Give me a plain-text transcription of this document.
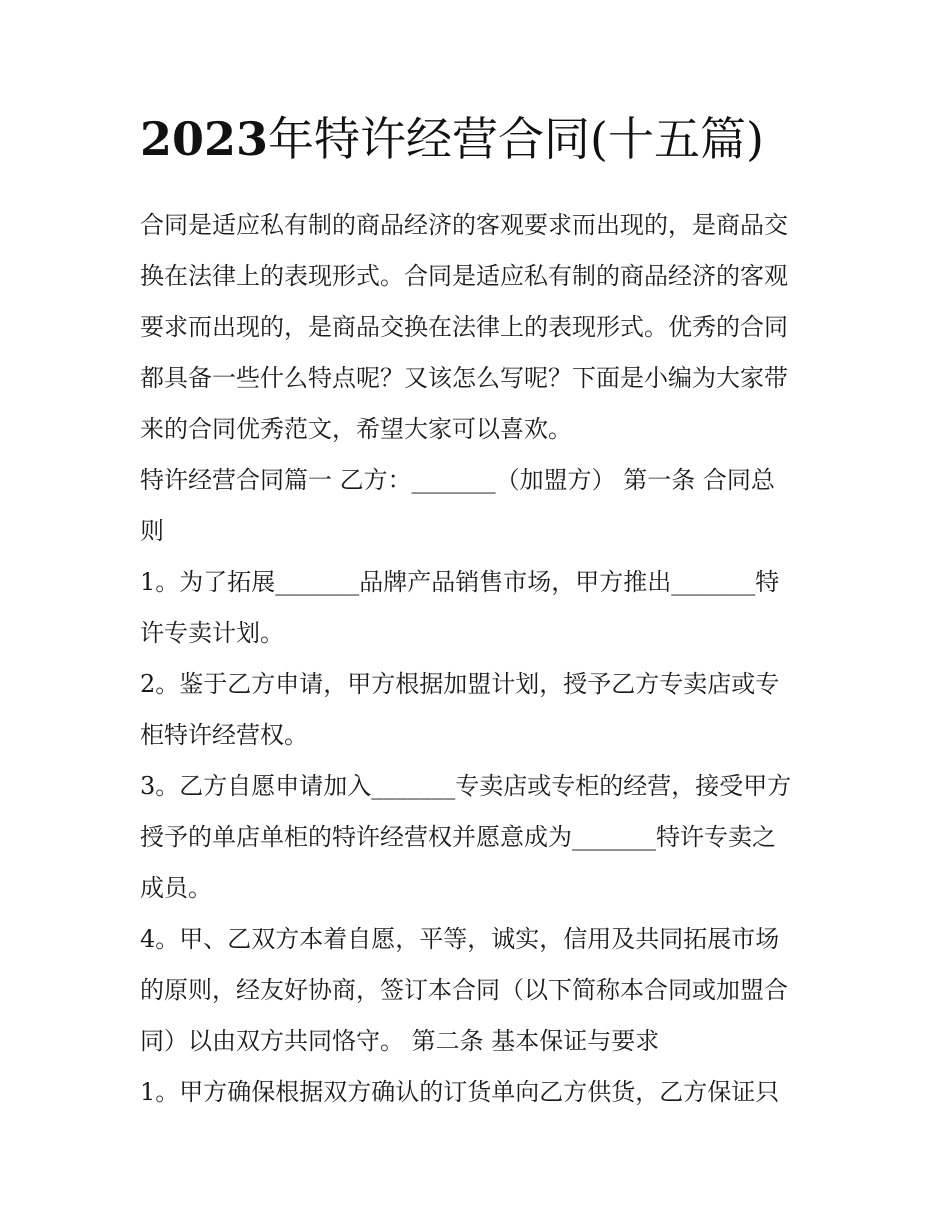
2023年特许经营合同(十五篇)
合同是适应私有制的商品经济的客观要求而出现的，是商品交
换在法律上的表现形式。合同是适应私有制的商品经济的客观
要求而出现的，是商品交换在法律上的表现形式。优秀的合同
都具备一些什么特点呢？又该怎么写呢？下面是小编为大家带
来的合同优秀范文，希望大家可以喜欢。
特许经营合同篇一 乙方：_______（加盟方） 第一条 合同总
则
1。为了拓展_______品牌产品销售市场，甲方推出_______特
许专卖计划。
2。鉴于乙方申请，甲方根据加盟计划，授予乙方专卖店或专
柜特许经营权。
3。乙方自愿申请加入_______专卖店或专柜的经营，接受甲方
授予的单店单柜的特许经营权并愿意成为_______特许专卖之
成员。
4。甲、乙双方本着自愿，平等，诚实，信用及共同拓展市场
的原则，经友好协商，签订本合同（以下简称本合同或加盟合
同）以由双方共同恪守。 第二条 基本保证与要求
1。甲方确保根据双方确认的订货单向乙方供货，乙方保证只
